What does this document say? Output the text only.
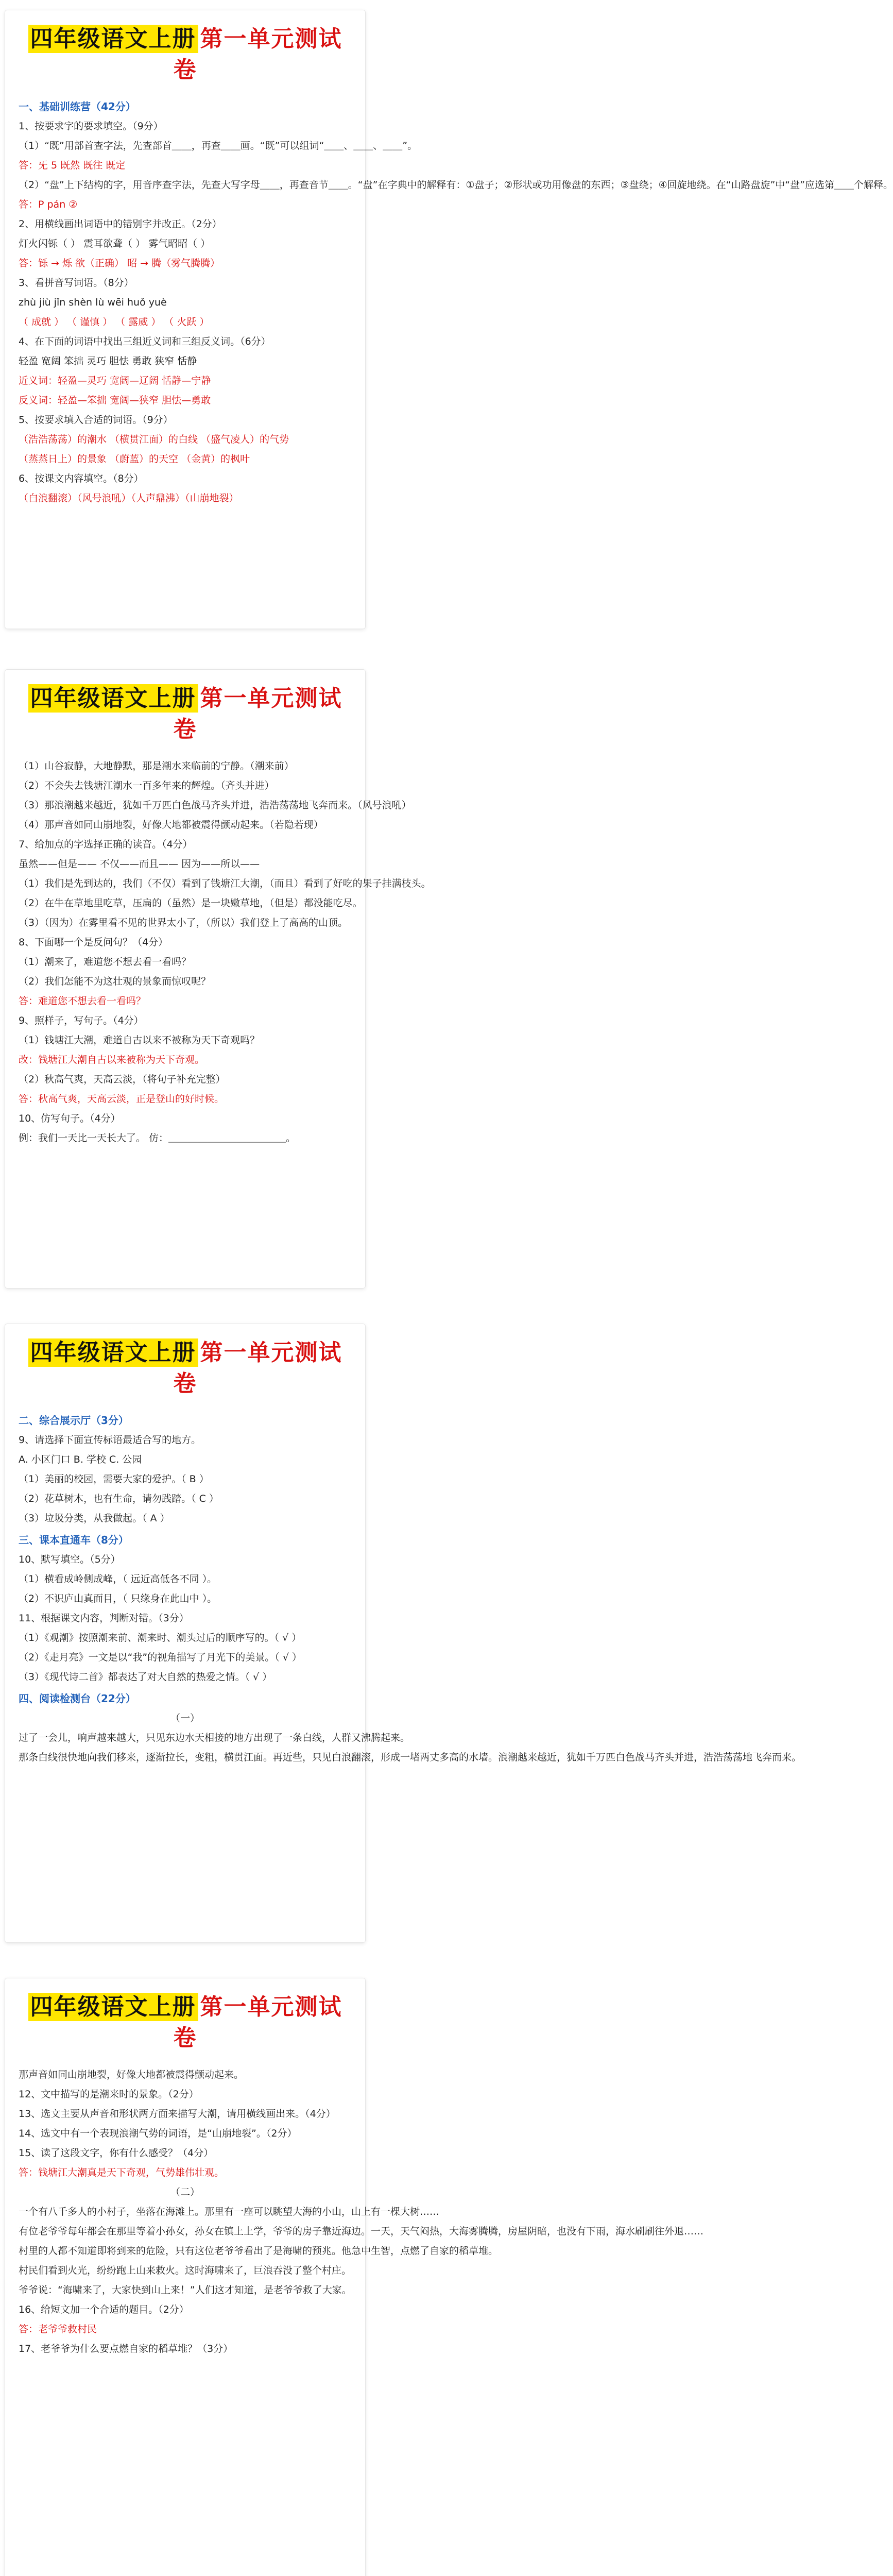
四年级语文上册 第一单元测试卷
一、基础训练营（42分）
1、按要求字的要求填空。（9分）
（1）“既”用部首查字法，先查部首＿＿，再查＿＿画。“既”可以组词“＿＿、＿＿、＿＿”。
答：旡 5 既然 既往 既定
（2）“盘”上下结构的字，用音序查字法，先查大写字母＿＿，再查音节＿＿。“盘”在字典中的解释有：①盘子；②形状或功用像盘的东西；③盘绕；④回旋地绕。在“山路盘旋”中“盘”应选第＿＿个解释。
答：P pán ②
2、用横线画出词语中的错别字并改正。（2分）
灯火闪铄（ ） 震耳欲聋（ ） 雾气昭昭（ ）
答：铄 → 烁 欲（正确） 昭 → 腾（雾气腾腾）
3、看拼音写词语。（8分）
zhù jiù jǐn shèn lù wēi huǒ yuè
（ 成就 ） （ 谨慎 ） （ 露威 ） （ 火跃 ）
4、在下面的词语中找出三组近义词和三组反义词。（6分）
轻盈 宽阔 笨拙 灵巧 胆怯 勇敢 狭窄 恬静
近义词：轻盈—灵巧 宽阔—辽阔 恬静—宁静
反义词：轻盈—笨拙 宽阔—狭窄 胆怯—勇敢
5、按要求填入合适的词语。（9分）
（浩浩荡荡）的潮水 （横贯江面）的白线 （盛气凌人）的气势
（蒸蒸日上）的景象 （蔚蓝）的天空 （金黄）的枫叶
6、按课文内容填空。（8分）
（白浪翻滚）（风号浪吼）（人声鼎沸）（山崩地裂）
四年级语文上册 第一单元测试卷
（1）山谷寂静，大地静默，那是潮水来临前的宁静。（潮来前）
（2）不会失去钱塘江潮水一百多年来的辉煌。（齐头并进）
（3）那浪潮越来越近，犹如千万匹白色战马齐头并进，浩浩荡荡地飞奔而来。（风号浪吼）
（4）那声音如同山崩地裂，好像大地都被震得颤动起来。（若隐若现）
7、给加点的字选择正确的读音。（4分）
虽然——但是—— 不仅——而且—— 因为——所以——
（1）我们是先到达的，我们（不仅）看到了钱塘江大潮，（而且）看到了好吃的果子挂满枝头。
（2）在牛在草地里吃草，压扁的（虽然）是一块嫩草地，（但是）都没能吃尽。
（3）（因为）在雾里看不见的世界太小了，（所以）我们登上了高高的山顶。
8、下面哪一个是反问句？（4分）
（1）潮来了，难道您不想去看一看吗？
（2）我们怎能不为这壮观的景象而惊叹呢？
答：难道您不想去看一看吗？
9、照样子，写句子。（4分）
（1）钱塘江大潮，难道自古以来不被称为天下奇观吗？
改：钱塘江大潮自古以来被称为天下奇观。
（2）秋高气爽，天高云淡，（将句子补充完整）
答：秋高气爽，天高云淡，正是登山的好时候。
10、仿写句子。（4分）
例：我们一天比一天长大了。 仿：＿＿＿＿＿＿＿＿＿＿＿＿。
四年级语文上册 第一单元测试卷
二、综合展示厅（3分）
9、请选择下面宣传标语最适合写的地方。
A. 小区门口 B. 学校 C. 公园
（1）美丽的校园，需要大家的爱护。（ B ）
（2）花草树木，也有生命，请勿践踏。（ C ）
（3）垃圾分类，从我做起。（ A ）
三、课本直通车（8分）
10、默写填空。（5分）
（1）横看成岭侧成峰，（ 远近高低各不同 ）。
（2）不识庐山真面目，（ 只缘身在此山中 ）。
11、根据课文内容，判断对错。（3分）
（1）《观潮》按照潮来前、潮来时、潮头过后的顺序写的。（ √ ）
（2）《走月亮》一文是以“我”的视角描写了月光下的美景。（ √ ）
（3）《现代诗二首》都表达了对大自然的热爱之情。（ √ ）
四、阅读检测台（22分）
（一）
过了一会儿，响声越来越大，只见东边水天相接的地方出现了一条白线，人群又沸腾起来。
那条白线很快地向我们移来，逐渐拉长，变粗，横贯江面。再近些，只见白浪翻滚，形成一堵两丈多高的水墙。浪潮越来越近，犹如千万匹白色战马齐头并进，浩浩荡荡地飞奔而来。
四年级语文上册 第一单元测试卷
那声音如同山崩地裂，好像大地都被震得颤动起来。
12、文中描写的是潮来时的景象。（2分）
13、选文主要从声音和形状两方面来描写大潮，请用横线画出来。（4分）
14、选文中有一个表现浪潮气势的词语，是“山崩地裂”。（2分）
15、读了这段文字，你有什么感受？（4分）
答：钱塘江大潮真是天下奇观，气势雄伟壮观。
（二）
一个有八千多人的小村子，坐落在海滩上。那里有一座可以眺望大海的小山，山上有一棵大树……
有位老爷爷每年都会在那里等着小孙女，孙女在镇上上学，爷爷的房子靠近海边。一天，天气闷热，大海雾腾腾，房屋阴暗，也没有下雨，海水刷刷往外退……
村里的人都不知道即将到来的危险，只有这位老爷爷看出了是海啸的预兆。他急中生智，点燃了自家的稻草堆。
村民们看到火光，纷纷跑上山来救火。这时海啸来了，巨浪吞没了整个村庄。
爷爷说：“海啸来了，大家快到山上来！”人们这才知道，是老爷爷救了大家。
16、给短文加一个合适的题目。（2分）
答：老爷爷救村民
17、老爷爷为什么要点燃自家的稻草堆？（3分）
